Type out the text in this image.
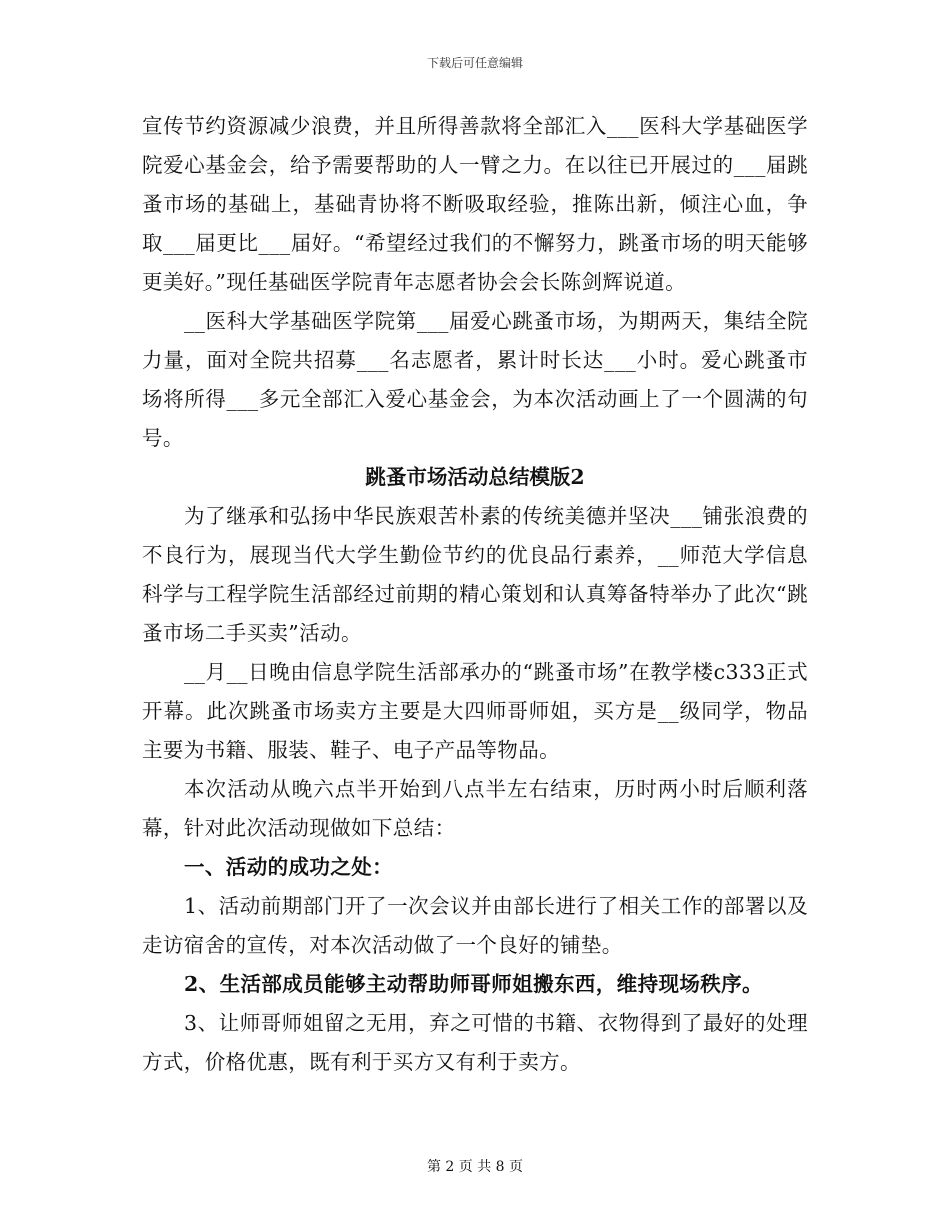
下载后可任意编辑

宣传节约资源减少浪费，并且所得善款将全部汇入___医科大学基础医学院爱心基金会，给予需要帮助的人一臂之力。在以往已开展过的___届跳蚤市场的基础上，基础青协将不断吸取经验，推陈出新，倾注心血，争取___届更比___届好。“希望经过我们的不懈努力，跳蚤市场的明天能够更美好。”现任基础医学院青年志愿者协会会长陈剑辉说道。

__医科大学基础医学院第___届爱心跳蚤市场，为期两天，集结全院力量，面对全院共招募___名志愿者，累计时长达___小时。爱心跳蚤市场将所得___多元全部汇入爱心基金会，为本次活动画上了一个圆满的句号。

跳蚤市场活动总结模版2

为了继承和弘扬中华民族艰苦朴素的传统美德并坚决___铺张浪费的不良行为，展现当代大学生勤俭节约的优良品行素养，__师范大学信息科学与工程学院生活部经过前期的精心策划和认真筹备特举办了此次“跳蚤市场二手买卖”活动。

__月__日晚由信息学院生活部承办的“跳蚤市场”在教学楼c333正式开幕。此次跳蚤市场卖方主要是大四师哥师姐，买方是__级同学，物品主要为书籍、服装、鞋子、电子产品等物品。

本次活动从晚六点半开始到八点半左右结束，历时两小时后顺利落幕，针对此次活动现做如下总结：

一、活动的成功之处：

1、活动前期部门开了一次会议并由部长进行了相关工作的部署以及走访宿舍的宣传，对本次活动做了一个良好的铺垫。

2、生活部成员能够主动帮助师哥师姐搬东西，维持现场秩序。

3、让师哥师姐留之无用，弃之可惜的书籍、衣物得到了最好的处理方式，价格优惠，既有利于买方又有利于卖方。

第 2 页 共 8 页
